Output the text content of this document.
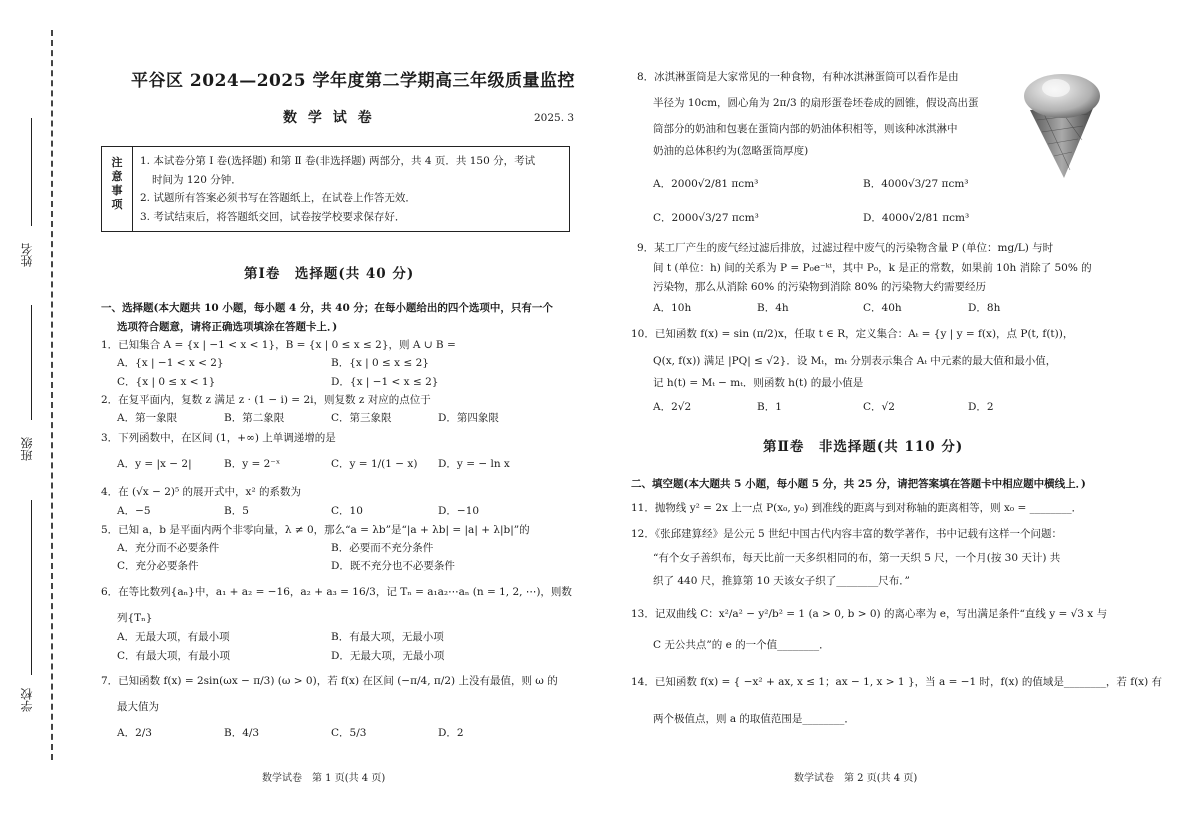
姓名
班级
学校
平谷区 2024—2025 学年度第二学期高三年级质量监控
数 学 试 卷	2025. 3
注意事项
1. 本试卷分第 Ⅰ 卷(选择题) 和第 Ⅱ 卷(非选择题) 两部分，共 4 页．共 150 分，考试
时间为 120 分钟．
2. 试题所有答案必须书写在答题纸上，在试卷上作答无效．
3. 考试结束后，将答题纸交回，试卷按学校要求保存好．
第Ⅰ卷　选择题(共 40 分)
一、选择题(本大题共 10 小题，每小题 4 分，共 40 分；在每小题给出的四个选项中，只有一个
选项符合题意，请将正确选项填涂在答题卡上．)
1．已知集合 A = {x | −1 < x < 1}，B = {x | 0 ≤ x ≤ 2}，则 A ∪ B =
A．{x | −1 < x < 2}	B．{x | 0 ≤ x ≤ 2}
C．{x | 0 ≤ x < 1}	D．{x | −1 < x ≤ 2}
2．在复平面内，复数 z 满足 z · (1 − i) = 2i，则复数 z 对应的点位于
A．第一象限	B．第二象限	C．第三象限	D．第四象限
3．下列函数中，在区间 (1，+∞) 上单调递增的是
A．y = |x − 2|	B．y = 2⁻ˣ	C．y = 1/(1 − x) D．y = − ln x
4．在 (√x − 2)⁵ 的展开式中，x² 的系数为
A．−5	B．5	C．10	D．−10
5．已知 a，b 是平面内两个非零向量，λ ≠ 0，那么“a = λb”是“|a + λb| = |a| + λ|b|”的
A．充分而不必要条件	B．必要而不充分条件
C．充分必要条件	D．既不充分也不必要条件
6．在等比数列{aₙ}中，a₁ + a₂ = −16，a₂ + a₃ = 16/3，记 Tₙ = a₁a₂⋯aₙ (n = 1, 2, ⋯)，则数
列{Tₙ}
A．无最大项，有最小项	B．有最大项，无最小项
C．有最大项，有最小项	D．无最大项，无最小项
7．已知函数 f(x) = 2sin(ωx − π/3) (ω > 0)，若 f(x) 在区间 (−π/4, π/2) 上没有最值，则 ω 的
最大值为
A．2/3	B．4/3	C．5/3	D．2
数学试卷　第 1 页(共 4 页)
8．冰淇淋蛋筒是大家常见的一种食物，有种冰淇淋蛋筒可以看作是由
半径为 10cm，圆心角为 2π/3 的扇形蛋卷坯卷成的圆锥，假设高出蛋
筒部分的奶油和包裹在蛋筒内部的奶油体积相等，则该种冰淇淋中
奶油的总体积约为(忽略蛋筒厚度)
A．2000√2/81 πcm³	B．4000√3/27 πcm³
C．2000√3/27 πcm³	D．4000√2/81 πcm³
9．某工厂产生的废气经过滤后排放，过滤过程中废气的污染物含量 P (单位：mg/L) 与时
间 t (单位：h) 间的关系为 P = P₀e⁻ᵏᵗ，其中 P₀，k 是正的常数，如果前 10h 消除了 50% 的
污染物，那么从消除 60% 的污染物到消除 80% 的污染物大约需要经历
A．10h	B．4h	C．40h	D．8h
10．已知函数 f(x) = sin (π/2)x，任取 t ∈ R，定义集合：Aₜ = {y | y = f(x)，点 P(t, f(t))，
Q(x, f(x)) 满足 |PQ| ≤ √2}．设 Mₜ，mₜ 分别表示集合 Aₜ 中元素的最大值和最小值，
记 h(t) = Mₜ − mₜ．则函数 h(t) 的最小值是
A．2√2	B．1	C．√2	D．2
第Ⅱ卷　非选择题(共 110 分)
二、填空题(本大题共 5 小题，每小题 5 分，共 25 分，请把答案填在答题卡中相应题中横线上．)
11．抛物线 y² = 2x 上一点 P(x₀, y₀) 到准线的距离与到对称轴的距离相等，则 x₀ = ________．
12．《张邱建算经》是公元 5 世纪中国古代内容丰富的数学著作，书中记载有这样一个问题：
“有个女子善织布，每天比前一天多织相同的布，第一天织 5 尺，一个月(按 30 天计) 共
织了 440 尺，推算第 10 天该女子织了________尺布．”
13．记双曲线 C：x²/a² − y²/b² = 1 (a > 0, b > 0) 的离心率为 e，写出满足条件“直线 y = √3 x 与
C 无公共点”的 e 的一个值________．
14．已知函数 f(x) = { −x² + ax, x ≤ 1；ax − 1, x > 1 }，当 a = −1 时，f(x) 的值域是________，若 f(x) 有
两个极值点，则 a 的取值范围是________．
数学试卷　第 2 页(共 4 页)
